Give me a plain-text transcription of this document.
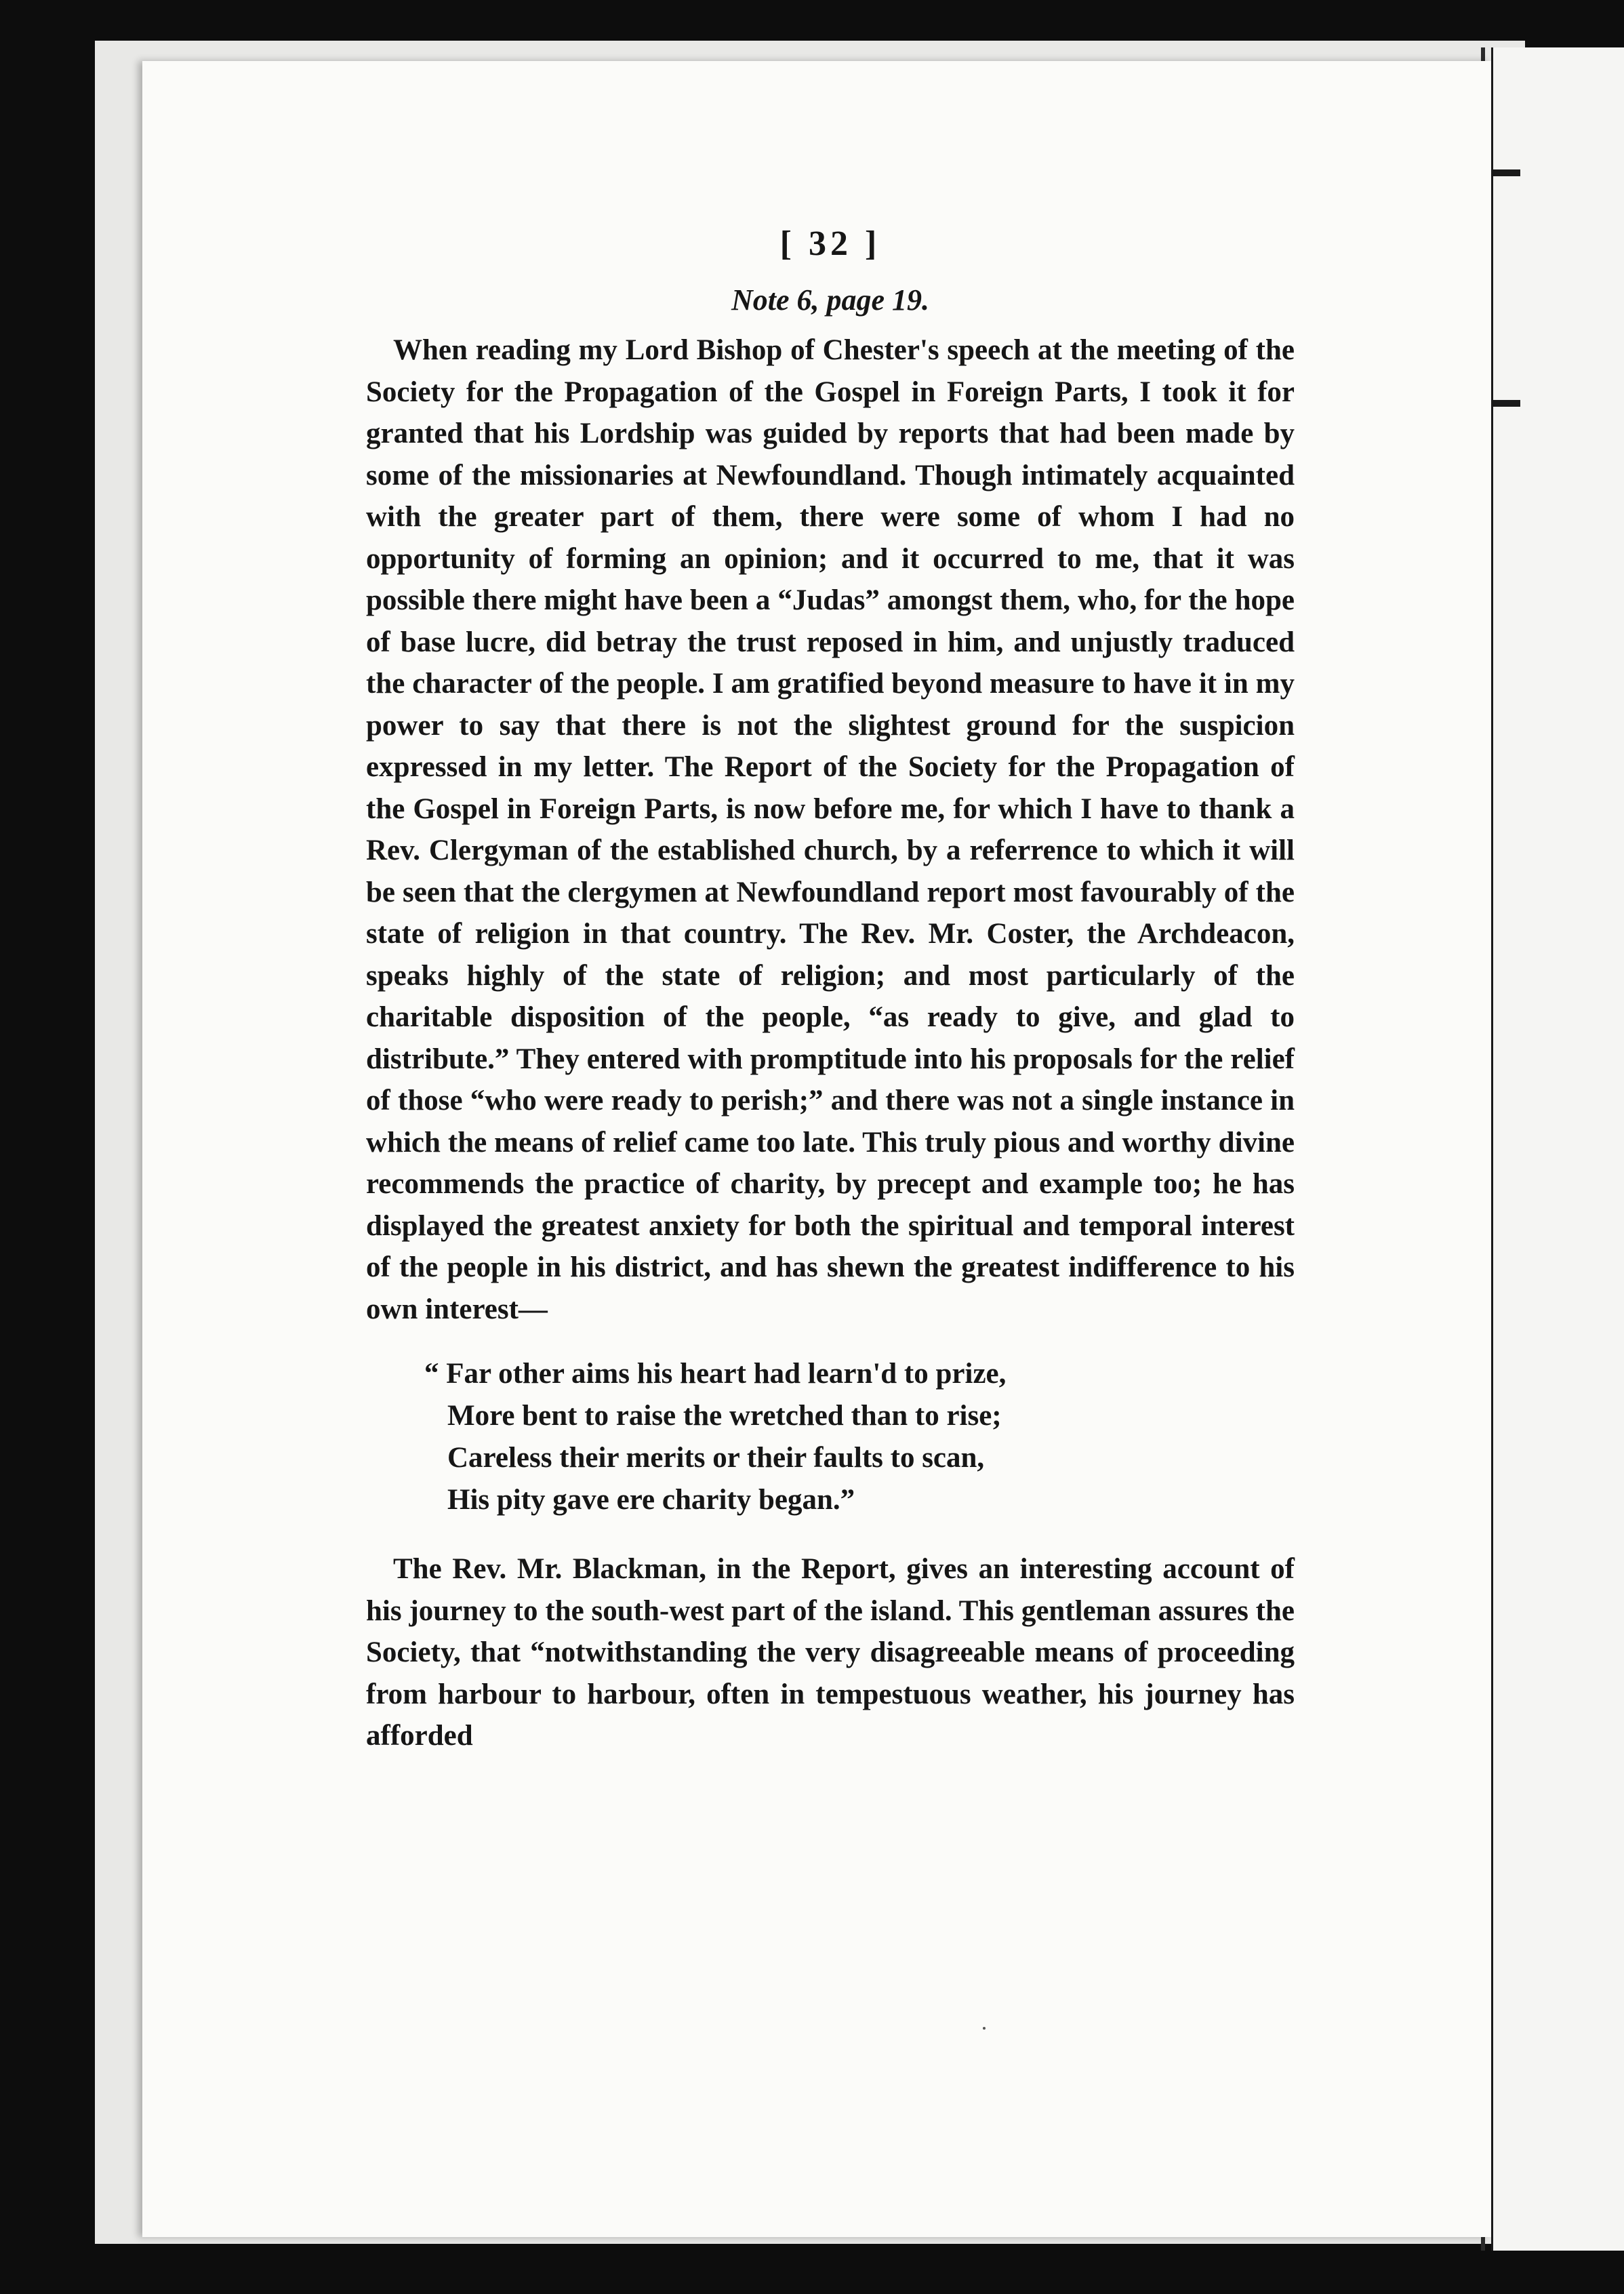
[ 32 ]

Note 6, page 19.

When reading my Lord Bishop of Chester's speech at the meeting of the Society for the Propagation of the Gospel in Foreign Parts, I took it for granted that his Lordship was guided by reports that had been made by some of the missionaries at Newfoundland. Though intimately acquainted with the greater part of them, there were some of whom I had no opportunity of forming an opinion; and it occurred to me, that it was possible there might have been a “Judas” amongst them, who, for the hope of base lucre, did betray the trust reposed in him, and unjustly traduced the character of the people. I am gratified beyond measure to have it in my power to say that there is not the slightest ground for the suspicion expressed in my letter. The Report of the Society for the Propagation of the Gospel in Foreign Parts, is now before me, for which I have to thank a Rev. Clergyman of the established church, by a referrence to which it will be seen that the clergymen at Newfoundland report most favourably of the state of religion in that country. The Rev. Mr. Coster, the Archdeacon, speaks highly of the state of religion; and most particularly of the charitable disposition of the people, “as ready to give, and glad to distribute.” They entered with promptitude into his proposals for the relief of those “who were ready to perish;” and there was not a single instance in which the means of relief came too late. This truly pious and worthy divine recommends the practice of charity, by precept and example too; he has displayed the greatest anxiety for both the spiritual and temporal interest of the people in his district, and has shewn the greatest indifference to his own interest—

“ Far other aims his heart had learn'd to prize,
More bent to raise the wretched than to rise;
Careless their merits or their faults to scan,
His pity gave ere charity began.”

The Rev. Mr. Blackman, in the Report, gives an interesting account of his journey to the south-west part of the island. This gentleman assures the Society, that “notwithstanding the very disagreeable means of proceeding from harbour to harbour, often in tempestuous weather, his journey has afforded
